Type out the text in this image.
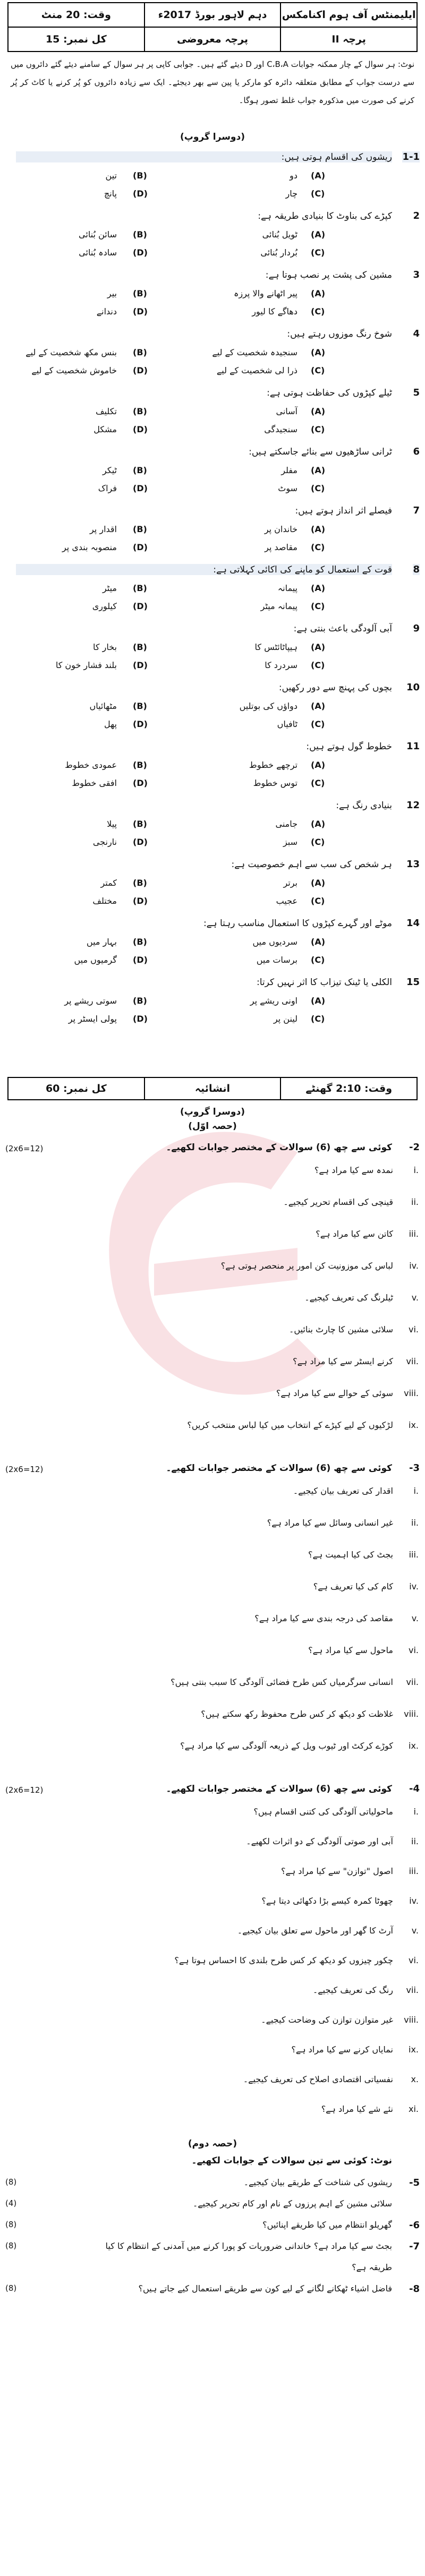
ایلیمنٹس آف ہوم اکنامکس
دہم لاہور بورڈ 2017ء
وقت: 20 منٹ
پرچہ II
پرچہ معروضی
کل نمبر: 15
نوٹ: ہر سوال کے چار ممکنہ جوابات C،B،A اور D دیئے گئے ہیں۔ جوابی کاپی پر ہر سوال کے سامنے دیئے گئے دائروں میں سے درست جواب کے مطابق متعلقہ دائرہ کو مارکر یا پین سے بھر دیجئے۔ ایک سے زیادہ دائروں کو پُر کرنے یا کاٹ کر پُر کرنے کی صورت میں مذکورہ جواب غلط تصور ہوگا۔
(دوسرا گروپ)
1-1
ریشوں کی اقسام ہوتی ہیں:
(A)
دو
(B)
تین
(C)
چار
(D)
پانچ
2
کپڑے کی بناوٹ کا بنیادی طریقہ ہے:
(A)
ٹویل بُنائی
(B)
سائن بُنائی
(C)
بُردار بُنائی
(D)
سادہ بُنائی
3
مشین کی پشت پر نصب ہوتا ہے:
(A)
پیر اٹھانے والا پرزہ
(B)
بیر
(C)
دھاگے کا لیور
(D)
دندانے
4
شوخ رنگ موزوں رہتے ہیں:
(A)
سنجیدہ شخصیت کے لیے
(B)
بنس مکھ شخصیت کے لیے
(C)
ذرا لی شخصیت کے لیے
(D)
خاموش شخصیت کے لیے
5
ٹیلے کپڑوں کی حفاظت ہوتی ہے:
(A)
آسانی
(B)
تکلیف
(C)
سنجیدگی
(D)
مشکل
6
ٹرانی ساڑھیوں سے بنائے جاسکتے ہیں:
(A)
مفلر
(B)
ٹیکر
(C)
سوٹ
(D)
فراک
7
فیصلے اثر انداز ہوتے ہیں:
(A)
خاندان پر
(B)
اقدار پر
(C)
مقاصد پر
(D)
منصوبہ بندی پر
8
قوت کے استعمال کو ماپنے کی اکائی کہلاتی ہے:
(A)
پیمانہ
(B)
میٹر
(C)
پیمانہ میٹر
(D)
کیلوری
9
آبی آلودگی باعث بنتی ہے:
(A)
ہیپاٹائٹس کا
(B)
بخار کا
(C)
سردرد کا
(D)
بلند فشار خون کا
10
بچوں کی پہنچ سے دور رکھیں:
(A)
دواؤں کی بوتلیں
(B)
مٹھائیاں
(C)
ٹافیاں
(D)
پھل
11
خطوط گول ہوتے ہیں:
(A)
ترچھے خطوط
(B)
عمودی خطوط
(C)
توس خطوط
(D)
افقی خطوط
12
بنیادی رنگ ہے:
(A)
جامنی
(B)
پیلا
(C)
سبز
(D)
نارنجی
13
ہر شخص کی سب سے اہم خصوصیت ہے:
(A)
برتر
(B)
کمتر
(C)
عجیب
(D)
مختلف
14
موٹے اور گہرے کپڑوں کا استعمال مناسب رہتا ہے:
(A)
سردیوں میں
(B)
بہار میں
(C)
برسات میں
(D)
گرمیوں میں
15
الکلی یا ٹینک تیزاب کا اثر نہیں کرتا:
(A)
اونی ریشے پر
(B)
سوتی ریشے پر
(C)
لینن پر
(D)
پولی ایسٹر پر
وقت: 2:10 گھنٹے
انشائیہ
کل نمبر: 60
(دوسرا گروپ)
(حصہ اوّل)
-2
کوئی سے چھ (6) سوالات کے مختصر جوابات لکھیے۔
(2x6=12)
i.
نمدہ سے کیا مراد ہے؟
ii.
قینچی کی اقسام تحریر کیجیے۔
iii.
کاتن سے کیا مراد ہے؟
iv.
لباس کی موزونیت کن امور پر منحصر ہوتی ہے؟
v.
ٹیلرنگ کی تعریف کیجیے۔
vi.
سلائی مشین کا چارٹ بنائیں۔
vii.
کرنے ایسٹر سے کیا مراد ہے؟
viii.
سوئی کے حوالے سے کیا مراد ہے؟
ix.
لڑکیوں کے لیے کپڑے کے انتخاب میں کیا لباس منتخب کریں؟
-3
کوئی سے چھ (6) سوالات کے مختصر جوابات لکھیے۔
(2x6=12)
i.
اقدار کی تعریف بیان کیجیے۔
ii.
غیر انسانی وسائل سے کیا مراد ہے؟
iii.
بجٹ کی کیا اہمیت ہے؟
iv.
کام کی کیا تعریف ہے؟
v.
مقاصد کی درجہ بندی سے کیا مراد ہے؟
vi.
ماحول سے کیا مراد ہے؟
vii.
انسانی سرگرمیاں کس طرح فضائی آلودگی کا سبب بنتی ہیں؟
viii.
غلاظت کو دیکھ کر کس طرح محفوظ رکھ سکتے ہیں؟
ix.
کوڑے کرکٹ اور ٹیوب ویل کے ذریعہ آلودگی سے کیا مراد ہے؟
-4
کوئی سے چھ (6) سوالات کے مختصر جوابات لکھیے۔
(2x6=12)
i.
ماحولیاتی آلودگی کی کتنی اقسام ہیں؟
ii.
آبی اور صوتی آلودگی کے دو اثرات لکھیے۔
iii.
اصول "توازن" سے کیا مراد ہے؟
iv.
چھوٹا کمرہ کیسے بڑا دکھائی دیتا ہے؟
v.
آرٹ کا گھر اور ماحول سے تعلق بیان کیجیے۔
vi.
چکور چیزوں کو دیکھ کر کس طرح بلندی کا احساس ہوتا ہے؟
vii.
رنگ کی تعریف کیجیے۔
viii.
غیر متوازن توازن کی وضاحت کیجیے۔
ix.
نمایاں کرنے سے کیا مراد ہے؟
x.
نفسیاتی اقتصادی اصلاح کی تعریف کیجیے۔
xi.
نئے شے کیا مراد ہے؟
(حصہ دوم)
نوٹ: کوئی سے تین سوالات کے جوابات لکھیے۔
-5
ریشوں کی شناخت کے طریقے بیان کیجیے۔
(8)
سلائی مشین کے اہم پرزوں کے نام اور کام تحریر کیجیے۔
(4)
-6
گھریلو انتظام میں کیا طریقے اپنائیں؟
(8)
-7
بجٹ سے کیا مراد ہے؟ خاندانی ضروریات کو پورا کرنے میں آمدنی کے انتظام کا کیا
(8)
طریقہ ہے؟
-8
فاضل اشیاء ٹھکانے لگانے کے لیے کون سے طریقے استعمال کیے جاتے ہیں؟
(8)
